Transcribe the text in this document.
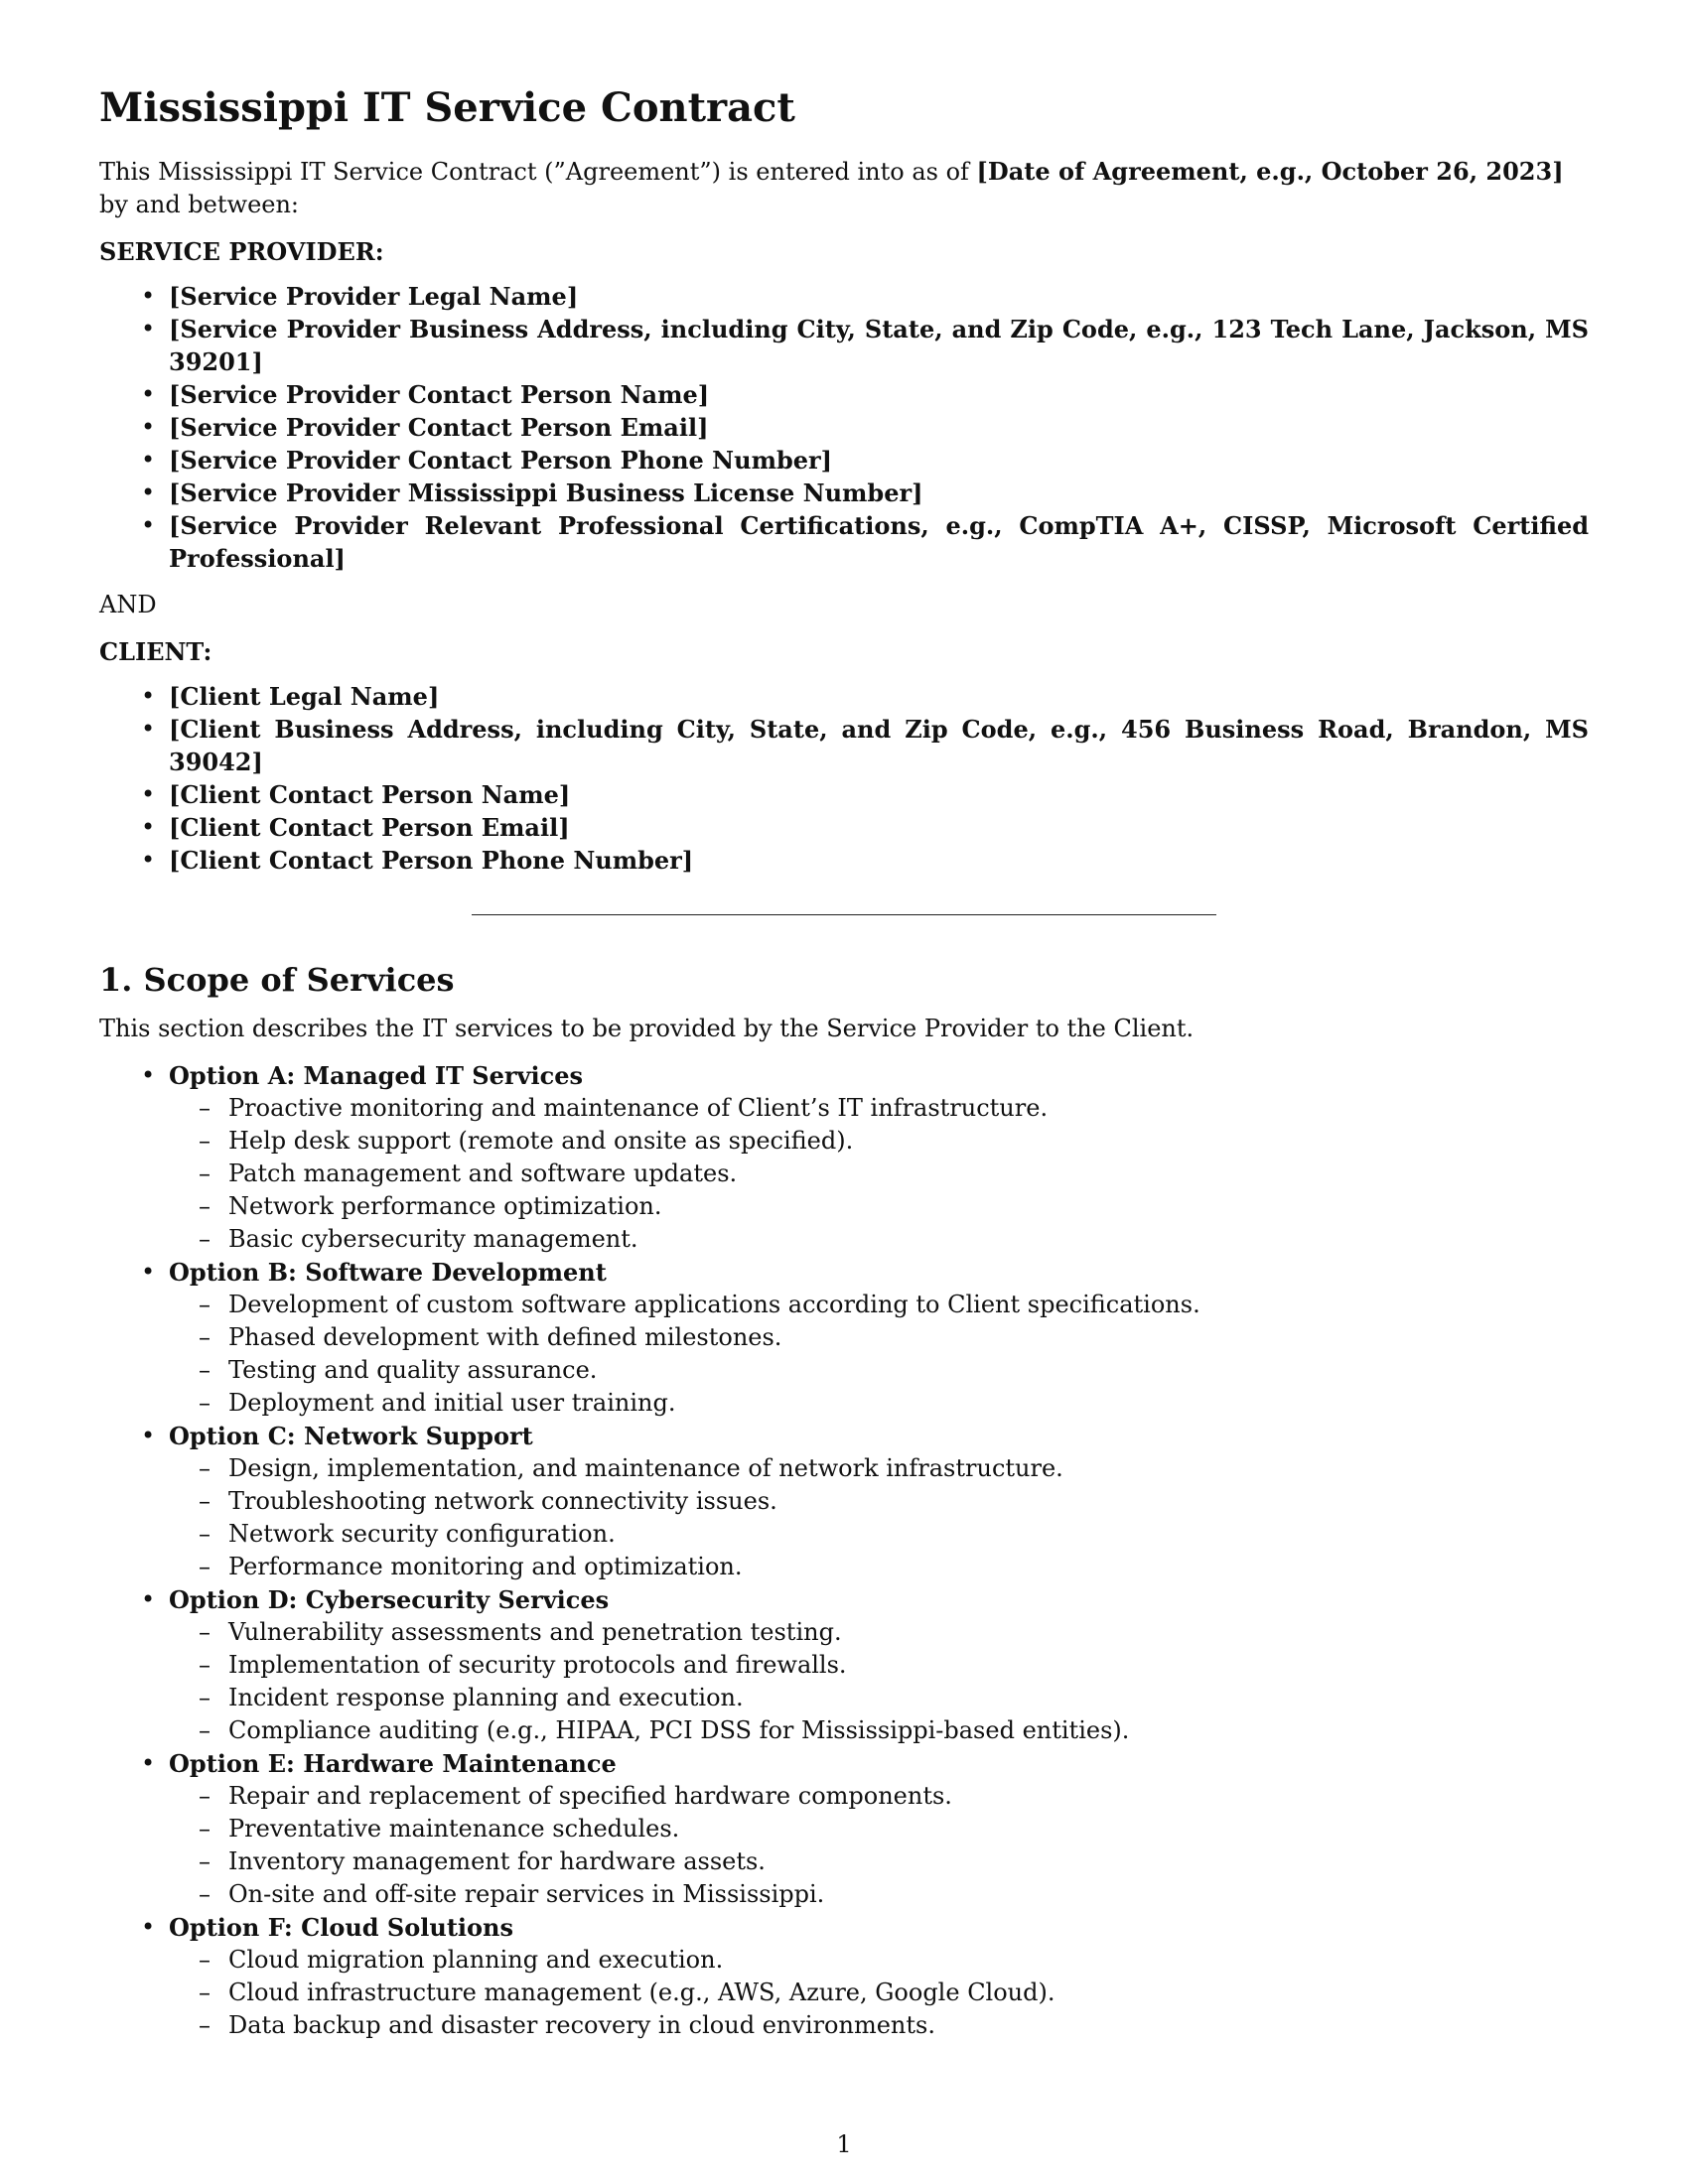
Mississippi IT Service Contract

This Mississippi IT Service Contract (”Agreement”) is entered into as of [Date of Agreement, e.g., October 26, 2023] by and between:

SERVICE PROVIDER:

• [Service Provider Legal Name]
• [Service Provider Business Address, including City, State, and Zip Code, e.g., 123 Tech Lane, Jackson, MS 39201]
• [Service Provider Contact Person Name]
• [Service Provider Contact Person Email]
• [Service Provider Contact Person Phone Number]
• [Service Provider Mississippi Business License Number]
• [Service Provider Relevant Professional Certifications, e.g., CompTIA A+, CISSP, Microsoft Certified Professional]

AND

CLIENT:

• [Client Legal Name]
• [Client Business Address, including City, State, and Zip Code, e.g., 456 Business Road, Brandon, MS 39042]
• [Client Contact Person Name]
• [Client Contact Person Email]
• [Client Contact Person Phone Number]
1. Scope of Services

This section describes the IT services to be provided by the Service Provider to the Client.

• Option A: Managed IT Services
– Proactive monitoring and maintenance of Client’s IT infrastructure.
– Help desk support (remote and onsite as specified).
– Patch management and software updates.
– Network performance optimization.
– Basic cybersecurity management.
• Option B: Software Development
– Development of custom software applications according to Client specifications.
– Phased development with defined milestones.
– Testing and quality assurance.
– Deployment and initial user training.
• Option C: Network Support
– Design, implementation, and maintenance of network infrastructure.
– Troubleshooting network connectivity issues.
– Network security configuration.
– Performance monitoring and optimization.
• Option D: Cybersecurity Services
– Vulnerability assessments and penetration testing.
– Implementation of security protocols and firewalls.
– Incident response planning and execution.
– Compliance auditing (e.g., HIPAA, PCI DSS for Mississippi-based entities).
• Option E: Hardware Maintenance
– Repair and replacement of specified hardware components.
– Preventative maintenance schedules.
– Inventory management for hardware assets.
– On-site and off-site repair services in Mississippi.
• Option F: Cloud Solutions
– Cloud migration planning and execution.
– Cloud infrastructure management (e.g., AWS, Azure, Google Cloud).
– Data backup and disaster recovery in cloud environments.
1
